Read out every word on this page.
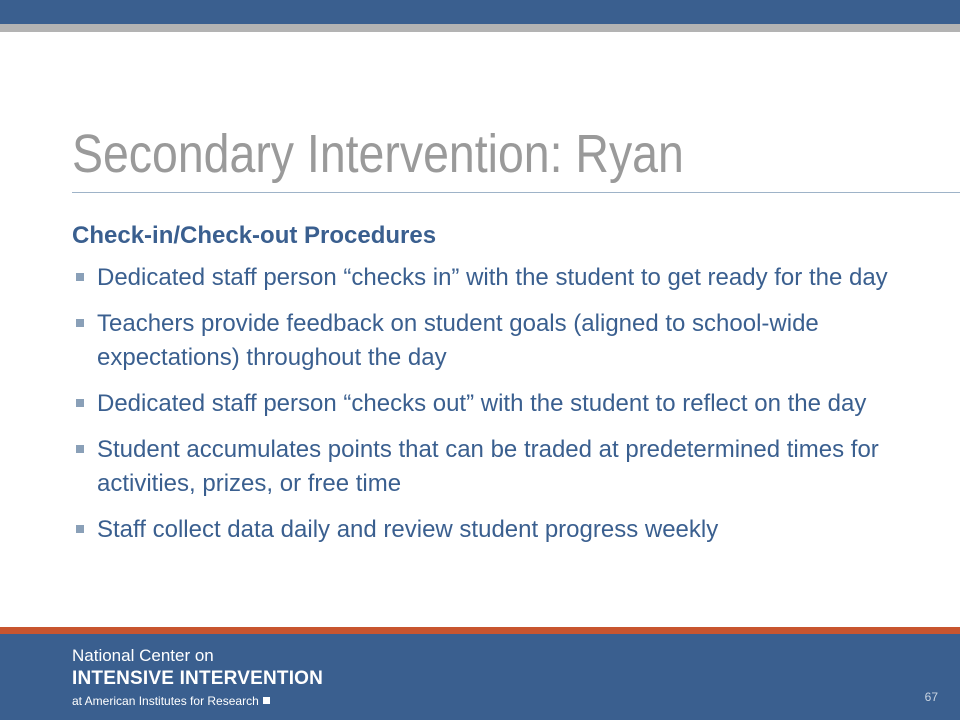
Secondary Intervention: Ryan
Check-in/Check-out Procedures
Dedicated staff person “checks in” with the student to get ready for the day
Teachers provide feedback on student goals (aligned to school-wide expectations) throughout the day
Dedicated staff person “checks out” with the student to reflect on the day
Student accumulates points that can be traded at predetermined times for activities, prizes, or free time
Staff collect data daily and review student progress weekly
National Center on
INTENSIVE INTERVENTION
at American Institutes for Research	67
